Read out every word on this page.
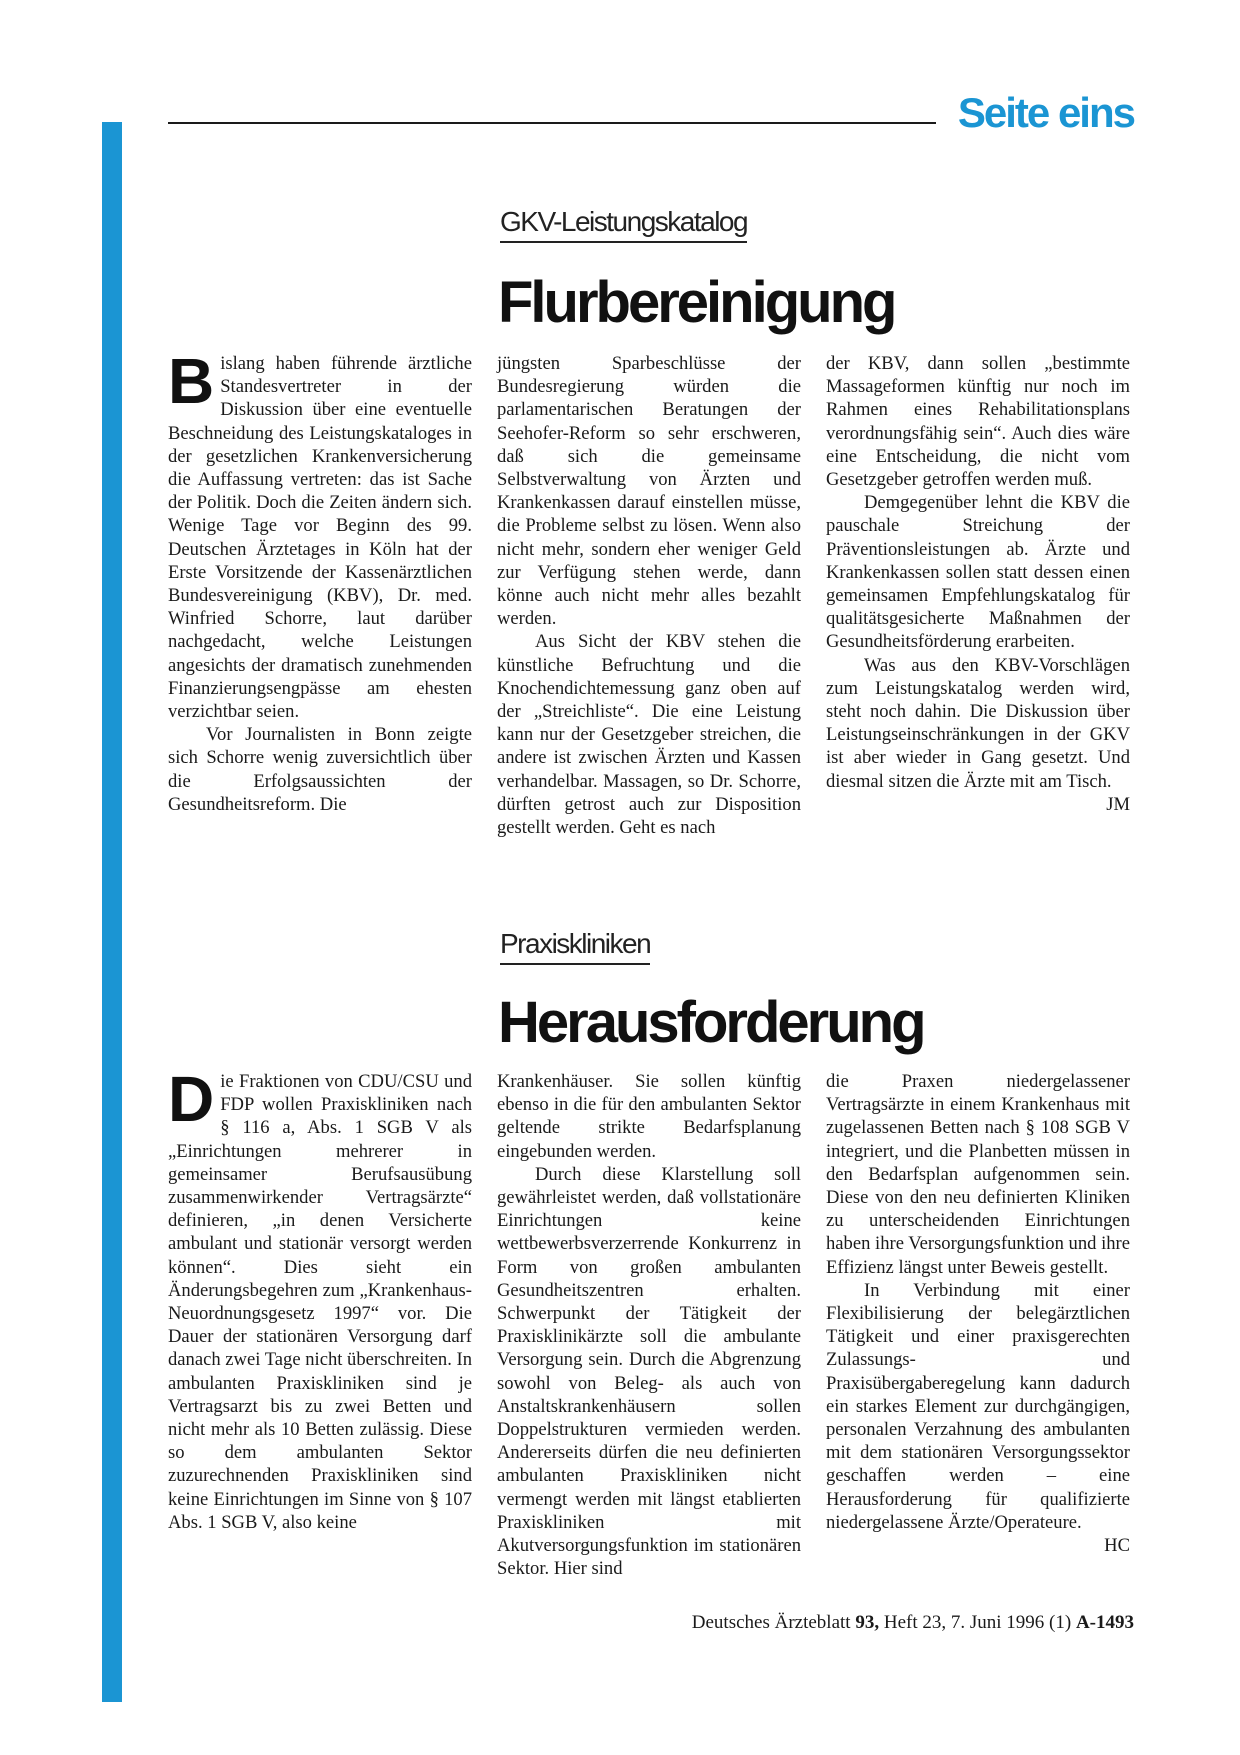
Seite eins
GKV-Leistungskatalog
Flurbereinigung
B islang haben führende ärztliche Standesvertreter in der Diskussion über eine eventuelle Beschneidung des Leistungskataloges in der gesetzlichen Krankenversicherung die Auffassung vertreten: das ist Sache der Politik. Doch die Zeiten ändern sich. Wenige Tage vor Beginn des 99. Deutschen Ärztetages in Köln hat der Erste Vorsitzende der Kassenärztlichen Bundesvereinigung (KBV), Dr. med. Winfried Schorre, laut darüber nachgedacht, welche Leistungen angesichts der dramatisch zunehmenden Finanzierungsengpässe am ehesten verzichtbar seien.

Vor Journalisten in Bonn zeigte sich Schorre wenig zuversichtlich über die Erfolgsaussichten der Gesundheitsreform. Die

jüngsten Sparbeschlüsse der Bundesregierung würden die parlamentarischen Beratungen der Seehofer-Reform so sehr erschweren, daß sich die gemeinsame Selbstverwaltung von Ärzten und Krankenkassen darauf einstellen müsse, die Probleme selbst zu lösen. Wenn also nicht mehr, sondern eher weniger Geld zur Verfügung stehen werde, dann könne auch nicht mehr alles bezahlt werden.

Aus Sicht der KBV stehen die künstliche Befruchtung und die Knochendichtemessung ganz oben auf der „Streichliste“. Die eine Leistung kann nur der Gesetzgeber streichen, die andere ist zwischen Ärzten und Kassen verhandelbar. Massagen, so Dr. Schorre, dürften getrost auch zur Disposition gestellt werden. Geht es nach

der KBV, dann sollen „bestimmte Massageformen künftig nur noch im Rahmen eines Rehabilitationsplans verordnungsfähig sein“. Auch dies wäre eine Entscheidung, die nicht vom Gesetzgeber getroffen werden muß.

Demgegenüber lehnt die KBV die pauschale Streichung der Präventionsleistungen ab. Ärzte und Krankenkassen sollen statt dessen einen gemeinsamen Empfehlungskatalog für qualitätsgesicherte Maßnahmen der Gesundheitsförderung erarbeiten.

Was aus den KBV-Vorschlägen zum Leistungskatalog werden wird, steht noch dahin. Die Diskussion über Leistungseinschränkungen in der GKV ist aber wieder in Gang gesetzt. Und diesmal sitzen die Ärzte mit am Tisch.
JM

Praxiskliniken
Herausforderung
D ie Fraktionen von CDU/CSU und FDP wollen Praxiskliniken nach § 116 a, Abs. 1 SGB V als „Einrichtungen mehrerer in gemeinsamer Berufsausübung zusammenwirkender Vertragsärzte“ definieren, „in denen Versicherte ambulant und stationär versorgt werden können“. Dies sieht ein Änderungsbegehren zum „Krankenhaus-Neuordnungsgesetz 1997“ vor. Die Dauer der stationären Versorgung darf danach zwei Tage nicht überschreiten. In ambulanten Praxiskliniken sind je Vertragsarzt bis zu zwei Betten und nicht mehr als 10 Betten zulässig. Diese so dem ambulanten Sektor zuzurechnenden Praxiskliniken sind keine Einrichtungen im Sinne von § 107 Abs. 1 SGB V, also keine

Krankenhäuser. Sie sollen künftig ebenso in die für den ambulanten Sektor geltende strikte Bedarfsplanung eingebunden werden.

Durch diese Klarstellung soll gewährleistet werden, daß vollstationäre Einrichtungen keine wettbewerbsverzerrende Konkurrenz in Form von großen ambulanten Gesundheitszentren erhalten. Schwerpunkt der Tätigkeit der Praxisklinikärzte soll die ambulante Versorgung sein. Durch die Abgrenzung sowohl von Beleg- als auch von Anstaltskrankenhäusern sollen Doppelstrukturen vermieden werden. Andererseits dürfen die neu definierten ambulanten Praxiskliniken nicht vermengt werden mit längst etablierten Praxiskliniken mit Akutversorgungsfunktion im stationären Sektor. Hier sind

die Praxen niedergelassener Vertragsärzte in einem Krankenhaus mit zugelassenen Betten nach § 108 SGB V integriert, und die Planbetten müssen in den Bedarfsplan aufgenommen sein. Diese von den neu definierten Kliniken zu unterscheidenden Einrichtungen haben ihre Versorgungsfunktion und ihre Effizienz längst unter Beweis gestellt.

In Verbindung mit einer Flexibilisierung der belegärztlichen Tätigkeit und einer praxisgerechten Zulassungs- und Praxisübergaberegelung kann dadurch ein starkes Element zur durchgängigen, personalen Verzahnung des ambulanten mit dem stationären Versorgungssektor geschaffen werden – eine Herausforderung für qualifizierte niedergelassene Ärzte/Operateure.
HC

Deutsches Ärzteblatt 93, Heft 23, 7. Juni 1996 (1) A-1493
